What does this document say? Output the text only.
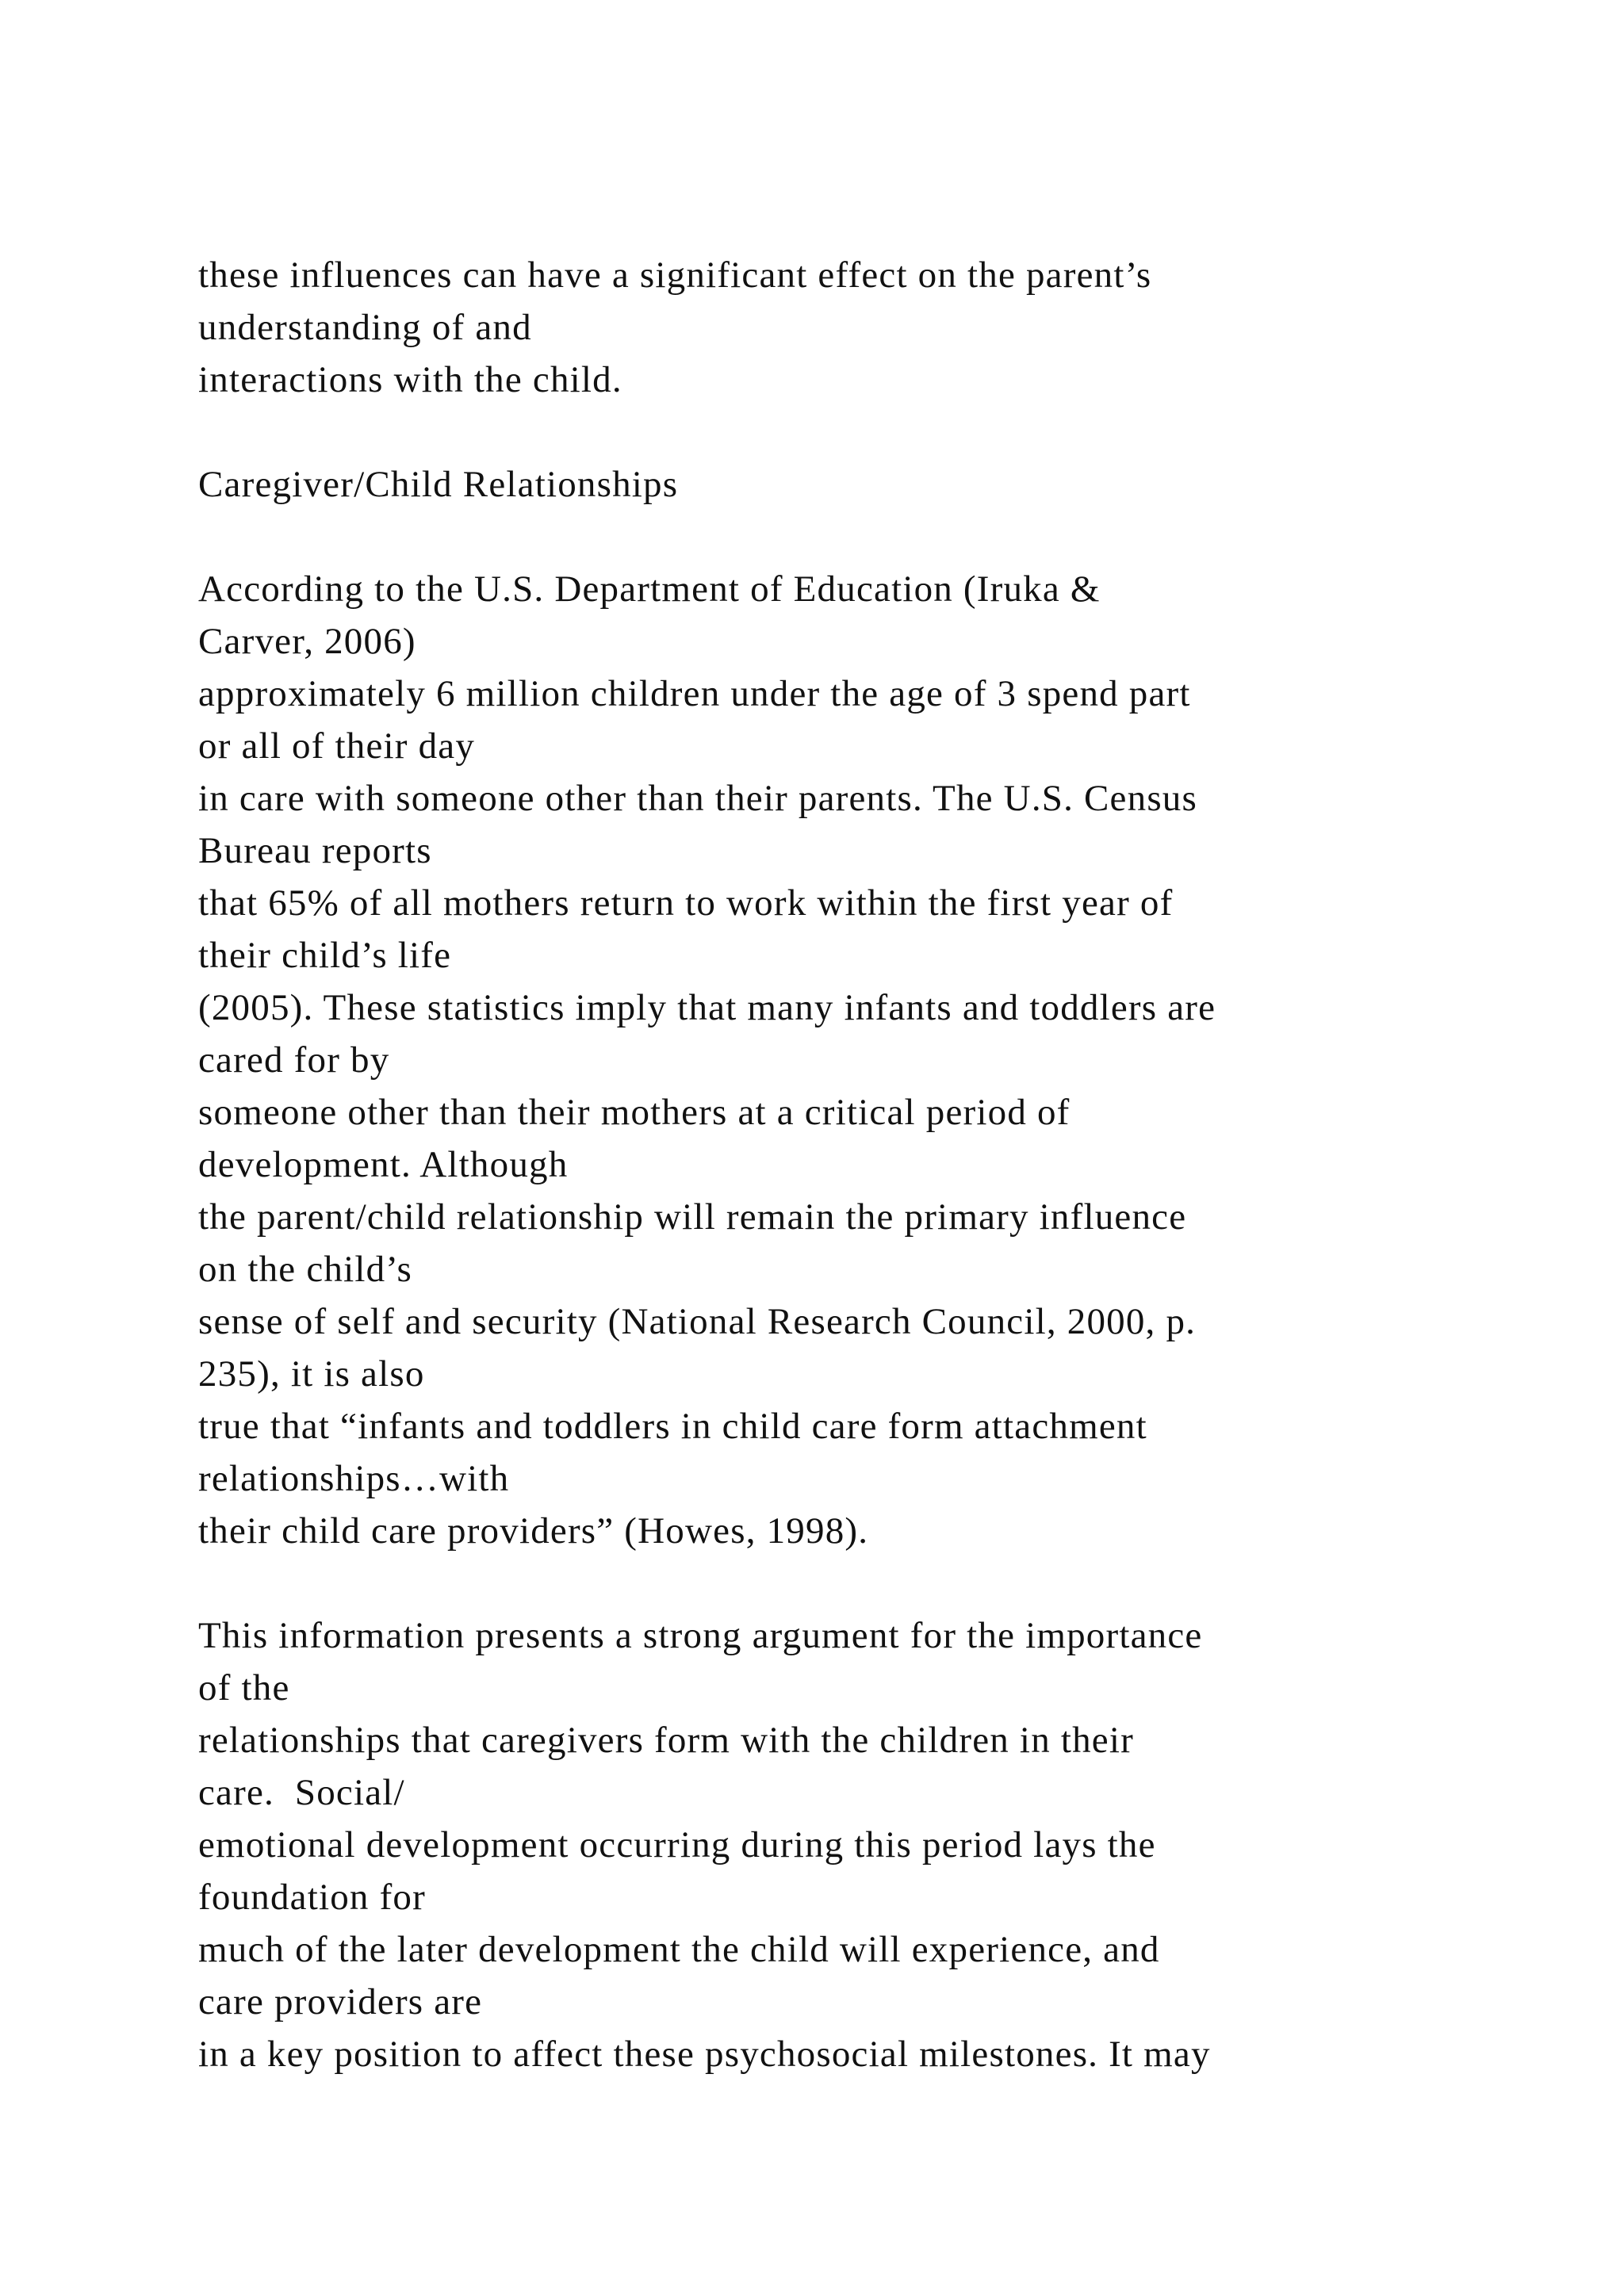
these influences can have a significant effect on the parent’s
understanding of and
interactions with the child.
Caregiver/Child Relationships
According to the U.S. Department of Education (Iruka &
Carver, 2006)
approximately 6 million children under the age of 3 spend part
or all of their day
in care with someone other than their parents. The U.S. Census
Bureau reports
that 65% of all mothers return to work within the first year of
their child’s life
(2005). These statistics imply that many infants and toddlers are
cared for by
someone other than their mothers at a critical period of
development. Although
the parent/child relationship will remain the primary influence
on the child’s
sense of self and security (National Research Council, 2000, p.
235), it is also
true that “infants and toddlers in child care form attachment
relationships…with
their child care providers” (Howes, 1998).
This information presents a strong argument for the importance
of the
relationships that caregivers form with the children in their
care.  Social/
emotional development occurring during this period lays the
foundation for
much of the later development the child will experience, and
care providers are
in a key position to affect these psychosocial milestones. It may
